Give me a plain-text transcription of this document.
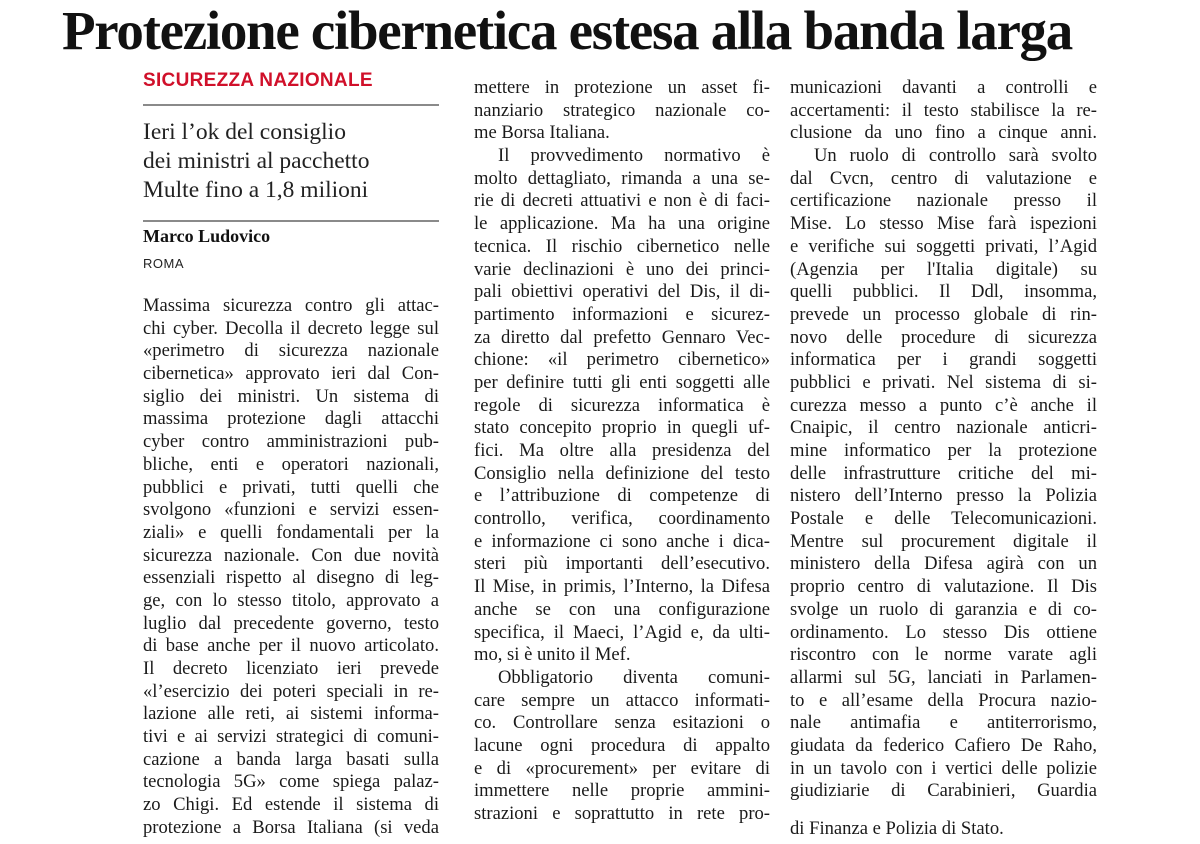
Protezione cibernetica estesa alla banda larga
SICUREZZA NAZIONALE
Ieri l’ok del consiglio
dei ministri al pacchetto
Multe fino a 1,8 milioni
Marco Ludovico
ROMA
Massima sicurezza contro gli attac-
chi cyber. Decolla il decreto legge sul
«perimetro di sicurezza nazionale
cibernetica» approvato ieri dal Con-
siglio dei ministri. Un sistema di
massima protezione dagli attacchi
cyber contro amministrazioni pub-
bliche, enti e operatori nazionali,
pubblici e privati, tutti quelli che
svolgono «funzioni e servizi essen-
ziali» e quelli fondamentali per la
sicurezza nazionale. Con due novità
essenziali rispetto al disegno di leg-
ge, con lo stesso titolo, approvato a
luglio dal precedente governo, testo
di base anche per il nuovo articolato.
Il decreto licenziato ieri prevede
«l’esercizio dei poteri speciali in re-
lazione alle reti, ai sistemi informa-
tivi e ai servizi strategici di comuni-
cazione a banda larga basati sulla
tecnologia 5G» come spiega palaz-
zo Chigi. Ed estende il sistema di
protezione a Borsa Italiana (si veda
mettere in protezione un asset fi-
nanziario strategico nazionale co-
me Borsa Italiana.
Il provvedimento normativo è
molto dettagliato, rimanda a una se-
rie di decreti attuativi e non è di faci-
le applicazione. Ma ha una origine
tecnica. Il rischio cibernetico nelle
varie declinazioni è uno dei princi-
pali obiettivi operativi del Dis, il di-
partimento informazioni e sicurez-
za diretto dal prefetto Gennaro Vec-
chione: «il perimetro cibernetico»
per definire tutti gli enti soggetti alle
regole di sicurezza informatica è
stato concepito proprio in quegli uf-
fici. Ma oltre alla presidenza del
Consiglio nella definizione del testo
e l’attribuzione di competenze di
controllo, verifica, coordinamento
e informazione ci sono anche i dica-
steri più importanti dell’esecutivo.
Il Mise, in primis, l’Interno, la Difesa
anche se con una configurazione
specifica, il Maeci, l’Agid e, da ulti-
mo, si è unito il Mef.
Obbligatorio diventa comuni-
care sempre un attacco informati-
co. Controllare senza esitazioni o
lacune ogni procedura di appalto
e di «procurement» per evitare di
immettere nelle proprie ammini-
strazioni e soprattutto in rete pro-
municazioni davanti a controlli e
accertamenti: il testo stabilisce la re-
clusione da uno fino a cinque anni.
Un ruolo di controllo sarà svolto
dal Cvcn, centro di valutazione e
certificazione nazionale presso il
Mise. Lo stesso Mise farà ispezioni
e verifiche sui soggetti privati, l’Agid
(Agenzia per l'Italia digitale) su
quelli pubblici. Il Ddl, insomma,
prevede un processo globale di rin-
novo delle procedure di sicurezza
informatica per i grandi soggetti
pubblici e privati. Nel sistema di si-
curezza messo a punto c’è anche il
Cnaipic, il centro nazionale anticri-
mine informatico per la protezione
delle infrastrutture critiche del mi-
nistero dell’Interno presso la Polizia
Postale e delle Telecomunicazioni.
Mentre sul procurement digitale il
ministero della Difesa agirà con un
proprio centro di valutazione. Il Dis
svolge un ruolo di garanzia e di co-
ordinamento. Lo stesso Dis ottiene
riscontro con le norme varate agli
allarmi sul 5G, lanciati in Parlamen-
to e all’esame della Procura nazio-
nale antimafia e antiterrorismo,
giudata da federico Cafiero De Raho,
in un tavolo con i vertici delle polizie
giudiziarie di Carabinieri, Guardia
di Finanza e Polizia di Stato.
